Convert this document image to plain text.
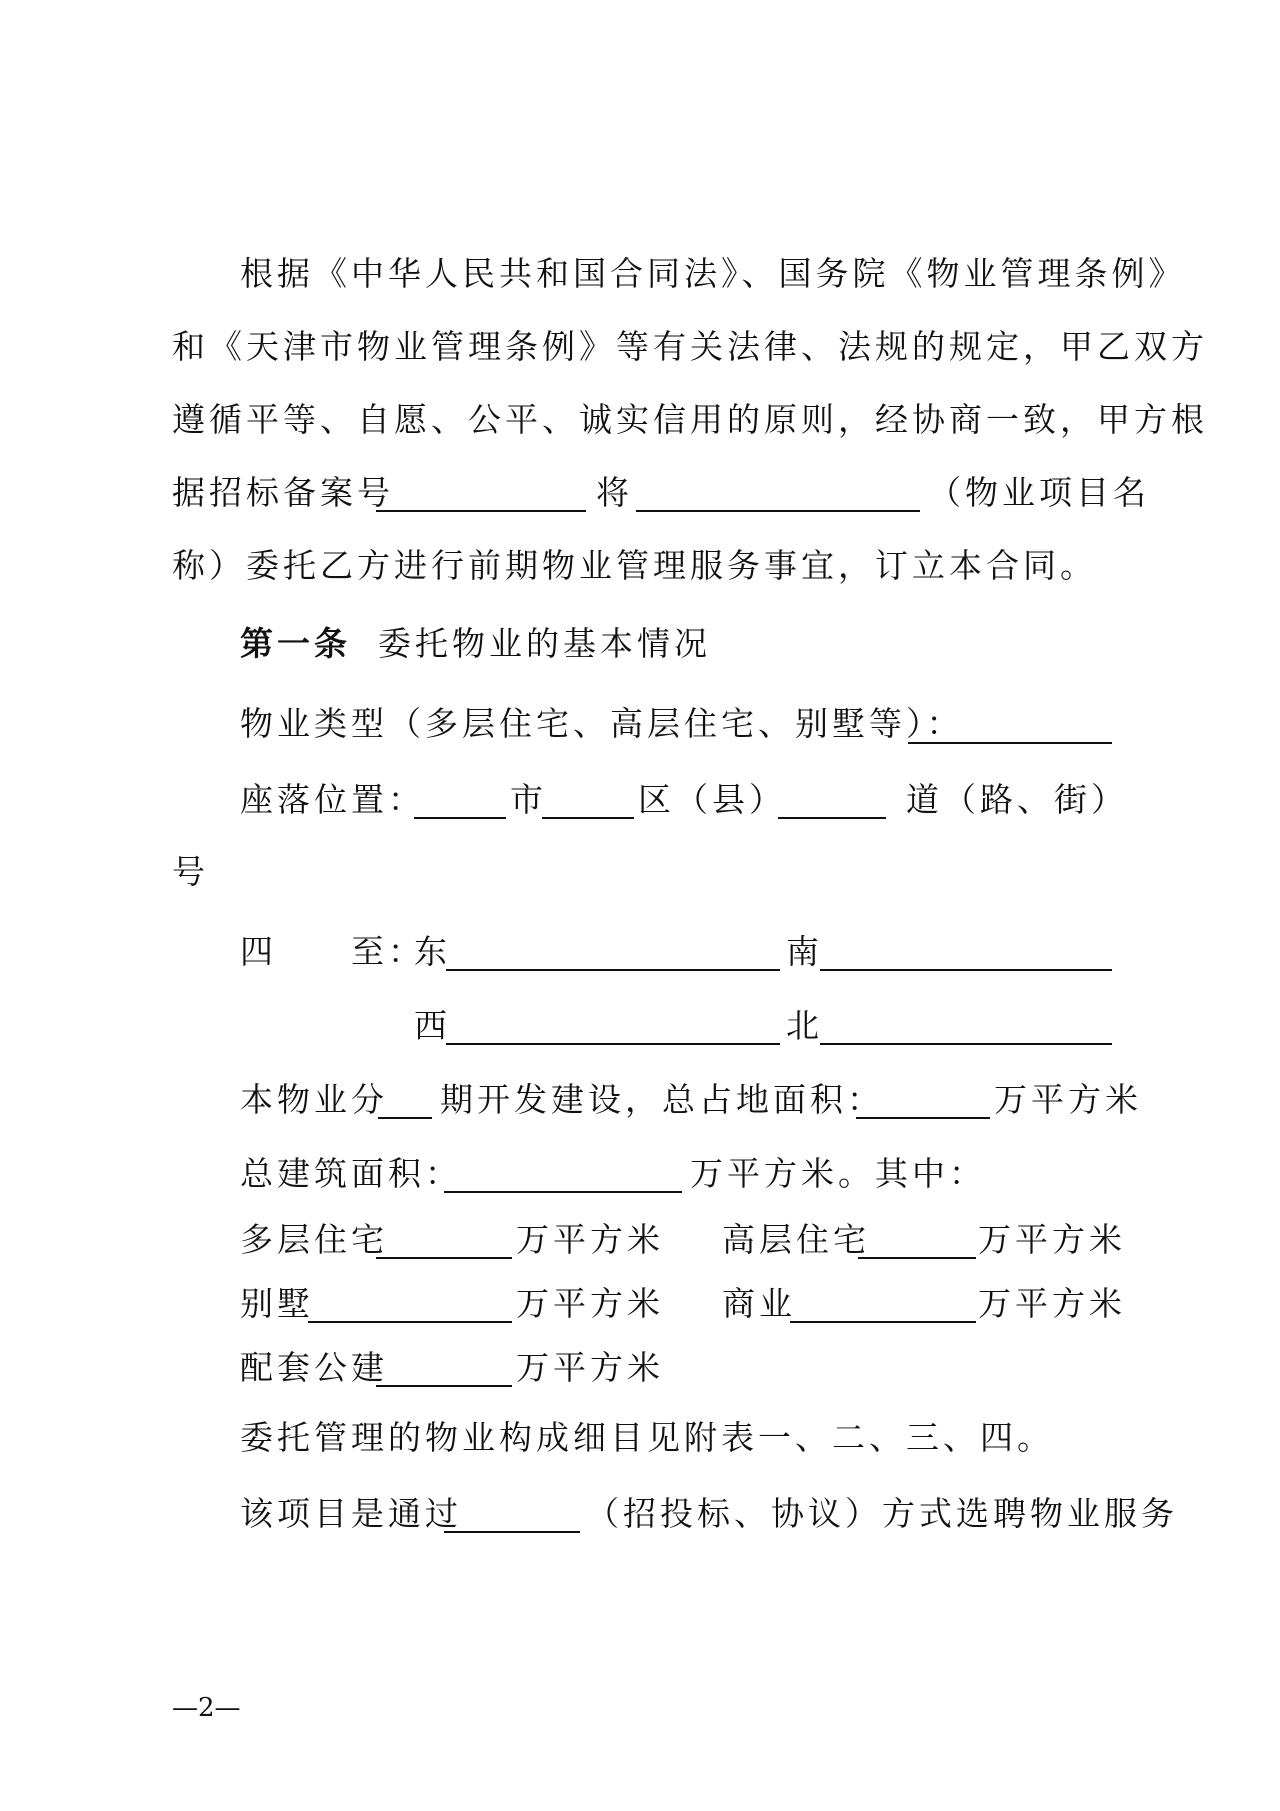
根据《中华人民共和国合同法》、国务院《物业管理条例》
和《天津市物业管理条例》等有关法律、法规的规定，甲乙双方
遵循平等、自愿、公平、诚实信用的原则，经协商一致，甲方根
据招标备案号	将	（物业项目名
称）委托乙方进行前期物业管理服务事宜，订立本合同。
第一条 委托物业的基本情况
物业类型（多层住宅、高层住宅、别墅等）：
座落位置：	市	区（县）	道（路、街）
号
四　　至：
东	南
西	北
本物业分 期开发建设，总占地面积：	万平方米
总建筑面积：	万平方米。其中：
多层住宅	万平方米 高层住宅	万平方米
别墅	万平方米 商业	万平方米
配套公建	万平方米
委托管理的物业构成细目见附表一、二、三、四。
该项目是通过	（招投标、协议）方式选聘物业服务
—2—
